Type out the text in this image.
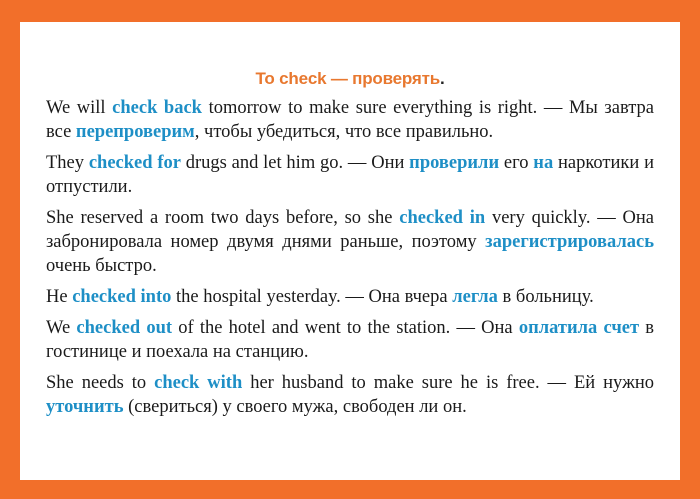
To check — проверять.

We will check back tomorrow to make sure everything is right. — Мы завтра все перепроверим, чтобы убедиться, что все правильно.

They checked for drugs and let him go. — Они проверили его на наркотики и отпустили.

She reserved a room two days before, so she checked in very quickly. — Она забронировала номер двумя днями раньше, поэтому зарегистрировалась очень быстро.

He checked into the hospital yesterday. — Она вчера легла в больницу.

We checked out of the hotel and went to the station. — Она оплатила счет в гостинице и поехала на станцию.

She needs to check with her husband to make sure he is free. — Ей нужно уточнить (свериться) у своего мужа, свободен ли он.
